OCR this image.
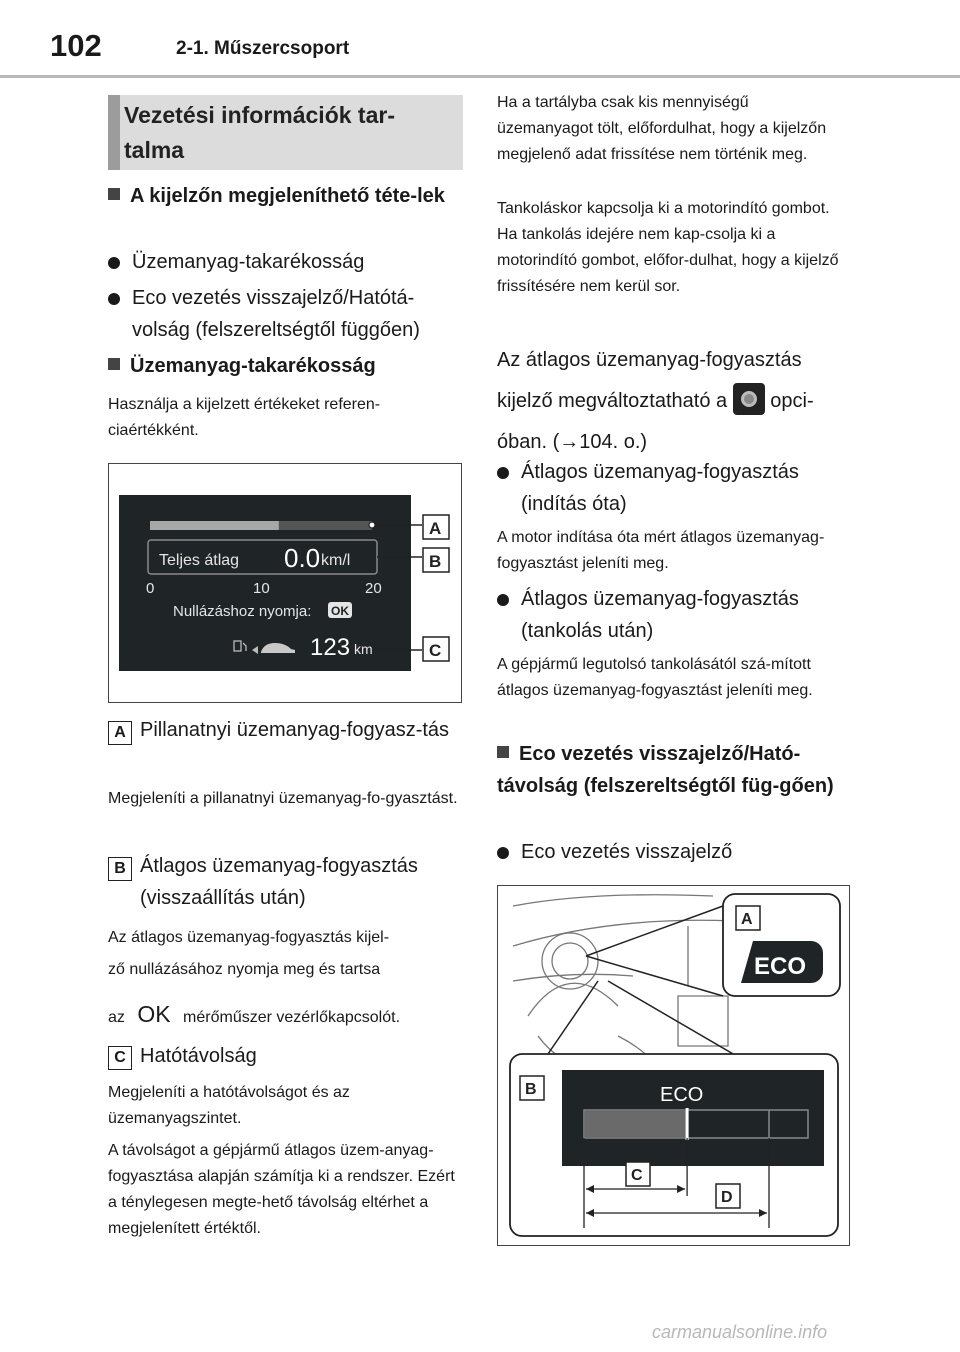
102	2-1. Műszercsoport
Vezetési információk tar-talma
A kijelzőn megjeleníthető téte-lek
Üzemanyag-takarékosság
Eco vezetés visszajelző/Hatótá-volság (felszereltségtől függően)
Üzemanyag-takarékosság
Használja a kijelzett értékeket referen-ciaértékként.
Teljes átlag 0.0 km/l
0	10	20
Nullázáshoz nyomja: OK
123 km
A
B
C
A Pillanatnyi üzemanyag-fogyasz-tás
Megjeleníti a pillanatnyi üzemanyag-fo-gyasztást.
B Átlagos üzemanyag-fogyasztás (visszaállítás után)
Az átlagos üzemanyag-fogyasztás kijel-
ző nullázásához nyomja meg és tartsa
az OK mérőműszer vezérlőkapcsolót.
C Hatótávolság
Megjeleníti a hatótávolságot és az üzemanyagszintet.
A távolságot a gépjármű átlagos üzem-anyag-fogyasztása alapján számítja ki a rendszer. Ezért a ténylegesen megte-hető távolság eltérhet a megjelenített értéktől.
Ha a tartályba csak kis mennyiségű üzemanyagot tölt, előfordulhat, hogy a kijelzőn megjelenő adat frissítése nem történik meg.
Tankoláskor kapcsolja ki a motorindító gombot. Ha tankolás idejére nem kap-csolja ki a motorindító gombot, előfor-dulhat, hogy a kijelző frissítésére nem kerül sor.
Az átlagos üzemanyag-fogyasztás
kijelző megváltoztatható a opci-
óban. (→104. o.)
Átlagos üzemanyag-fogyasztás (indítás óta)
A motor indítása óta mért átlagos üzemanyag-fogyasztást jeleníti meg.
Átlagos üzemanyag-fogyasztás (tankolás után)
A gépjármű legutolsó tankolásától szá-mított átlagos üzemanyag-fogyasztást jeleníti meg.
Eco vezetés visszajelző/Ható-távolság (felszereltségtől füg-gően)
Eco vezetés visszajelző
A
ECO
B	ECO
C
D
carmanualsonline.info
